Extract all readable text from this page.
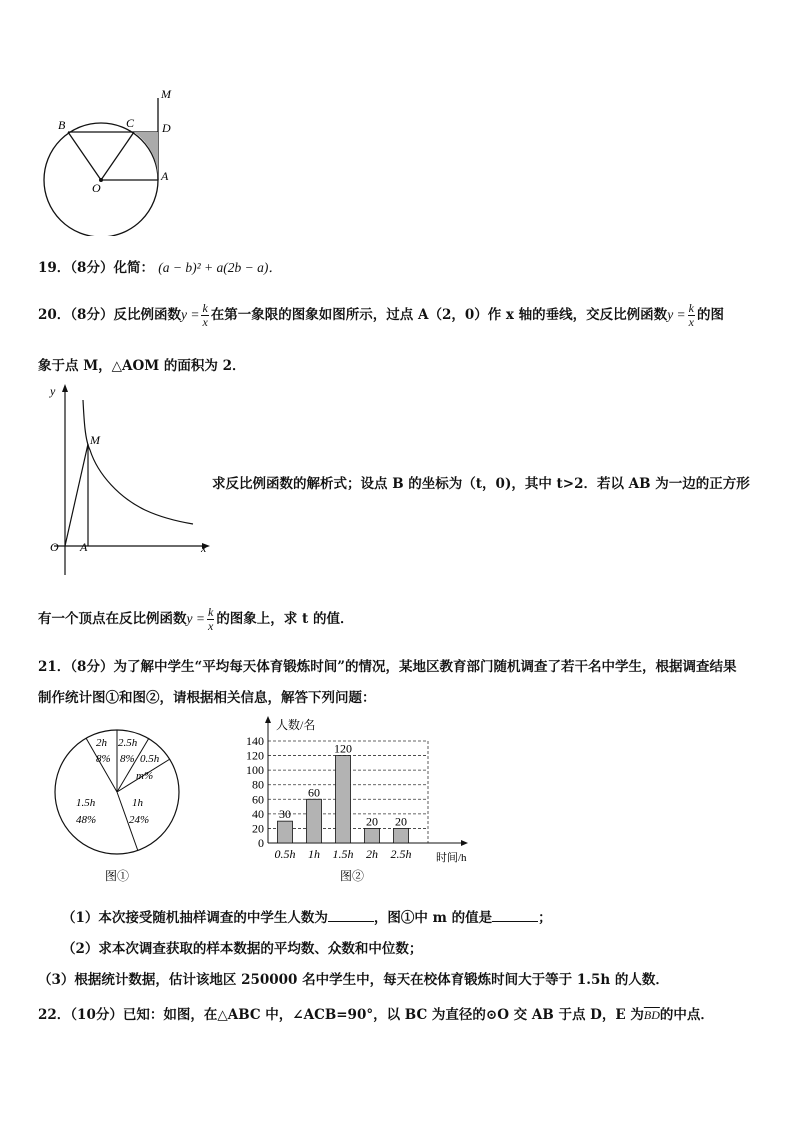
M
B	C D
O
A
19．（8分）化简： (a − b)² + a(2b − a)．
20．（8分）反比例函数$y = \frac{k}{x}$ 在第一象限的图象如图所示，过点 A（2，0）作 x 轴的垂线，交反比例函数$y = \frac{k}{x}$ 的图
象于点 M，△AOM 的面积为 2．
y
x
O A
M
求反比例函数的解析式；设点 B 的坐标为（t，0)，其中 t>2．若以 AB 为一边的正方形
有一个顶点在反比例函数$y = \frac{k}{x}$ 的图象上，求 t 的值．
21．（8分）为了解中学生“平均每天体育锻炼时间”的情况，某地区教育部门随机调查了若干名中学生，根据调查结果
制作统计图①和图②，请根据相关信息，解答下列问题：
2h
8%
2.5h
8% 0.5h
m%
1h
24%
1.5h
48%
图①
0
20
40
60
80
100
120
140
人数/名
时间/h
图②
30
0.5h
60
1h
120
1.5h
20
2h
20
2.5h
（1）本次接受随机抽样调查的中学生人数为	，图①中 m 的值是	；
（2）求本次调查获取的样本数据的平均数、众数和中位数；
（3）根据统计数据，估计该地区 250000 名中学生中，每天在校体育锻炼时间大于等于 1.5h 的人数．
22．（10分）已知：如图，在△ABC 中，∠ACB=90°，以 BC 为直径的⊙O 交 AB 于点 D，E 为$\overline{BD}$的中点．
